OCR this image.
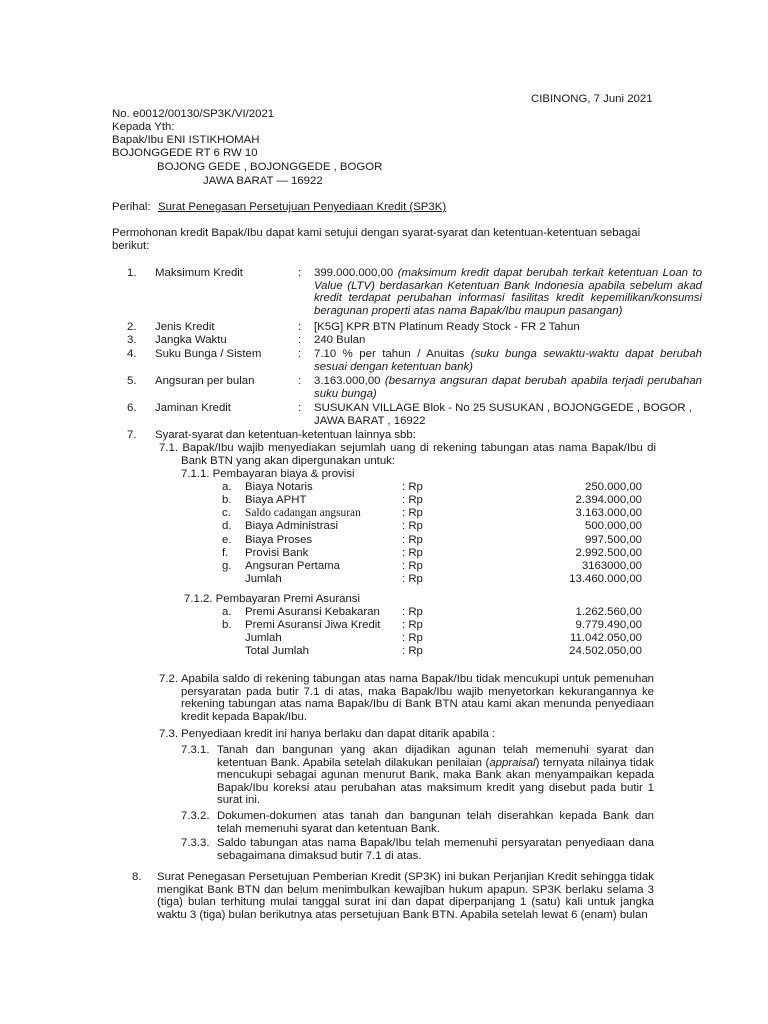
CIBINONG, 7 Juni 2021
No. e0012/00130/SP3K/VI/2021
Kepada Yth:
Bapak/Ibu ENI ISTIKHOMAH
BOJONGGEDE RT 6 RW 10
BOJONG GEDE , BOJONGGEDE , BOGOR
JAWA BARAT — 16922
Perihal: Surat Penegasan Persetujuan Penyediaan Kredit (SP3K)
Permohonan kredit Bapak/Ibu dapat kami setujui dengan syarat-syarat dan ketentuan-ketentuan sebagai berikut:
1. Maksimum Kredit	: 399.000.000,00 (maksimum kredit dapat berubah terkait ketentuan Loan to Value (LTV) berdasarkan Ketentuan Bank Indonesia apabila sebelum akad kredit terdapat perubahan informasi fasilitas kredit kepemilikan/konsumsi beragunan properti atas nama Bapak/Ibu maupun pasangan)
2. Jenis Kredit	: [K5G] KPR BTN Platinum Ready Stock - FR 2 Tahun
3. Jangka Waktu	: 240 Bulan
4. Suku Bunga / Sistem	: 7.10 % per tahun / Anuitas (suku bunga sewaktu-waktu dapat berubah sesuai dengan ketentuan bank)
5. Angsuran per bulan	: 3.163.000,00 (besarnya angsuran dapat berubah apabila terjadi perubahan suku bunga)
6. Jaminan Kredit	: SUSUKAN VILLAGE Blok - No 25 SUSUKAN , BOJONGGEDE , BOGOR , JAWA BARAT , 16922
7. Syarat-syarat dan ketentuan-ketentuan lainnya sbb:
7.1. Bapak/Ibu wajib menyediakan sejumlah uang di rekening tabungan atas nama Bapak/Ibu di Bank BTN yang akan dipergunakan untuk:
7.1.1. Pembayaran biaya & provisi
a. Biaya Notaris	: Rp	250.000,00
b. Biaya APHT	: Rp	2.394.000,00
c. Saldo cadangan angsuran	: Rp	3.163.000,00
d. Biaya Administrasi	: Rp	500.000,00
e. Biaya Proses	: Rp	997.500,00
f. Provisi Bank	: Rp	2.992.500,00
g. Angsuran Pertama	: Rp	3163000,00
Jumlah	: Rp	13.460.000,00
7.1.2. Pembayaran Premi Asuransi
a. Premi Asuransi Kebakaran : Rp	1.262.560,00
b. Premi Asuransi Jiwa Kredit : Rp	9.779.490,00
Jumlah	: Rp	11.042.050,00
Total Jumlah	: Rp	24.502.050,00
7.2. Apabila saldo di rekening tabungan atas nama Bapak/Ibu tidak mencukupi untuk pemenuhan persyaratan pada butir 7.1 di atas, maka Bapak/Ibu wajib menyetorkan kekurangannya ke rekening tabungan atas nama Bapak/Ibu di Bank BTN atau kami akan menunda penyediaan kredit kepada Bapak/Ibu.
7.3. Penyediaan kredit ini hanya berlaku dan dapat ditarik apabila :
7.3.1. Tanah dan bangunan yang akan dijadikan agunan telah memenuhi syarat dan ketentuan Bank. Apabila setelah dilakukan penilaian (appraisal) ternyata nilainya tidak mencukupi sebagai agunan menurut Bank, maka Bank akan menyampaikan kepada Bapak/Ibu koreksi atau perubahan atas maksimum kredit yang disebut pada butir 1 surat ini.
7.3.2. Dokumen-dokumen atas tanah dan bangunan telah diserahkan kepada Bank dan telah memenuhi syarat dan ketentuan Bank.
7.3.3. Saldo tabungan atas nama Bapak/Ibu telah memenuhi persyaratan penyediaan dana sebagaimana dimaksud butir 7.1 di atas.
8. Surat Penegasan Persetujuan Pemberian Kredit (SP3K) ini bukan Perjanjian Kredit sehingga tidak mengikat Bank BTN dan belum menimbulkan kewajiban hukum apapun. SP3K berlaku selama 3 (tiga) bulan terhitung mulai tanggal surat ini dan dapat diperpanjang 1 (satu) kali untuk jangka waktu 3 (tiga) bulan berikutnya atas persetujuan Bank BTN. Apabila setelah lewat 6 (enam) bulan
